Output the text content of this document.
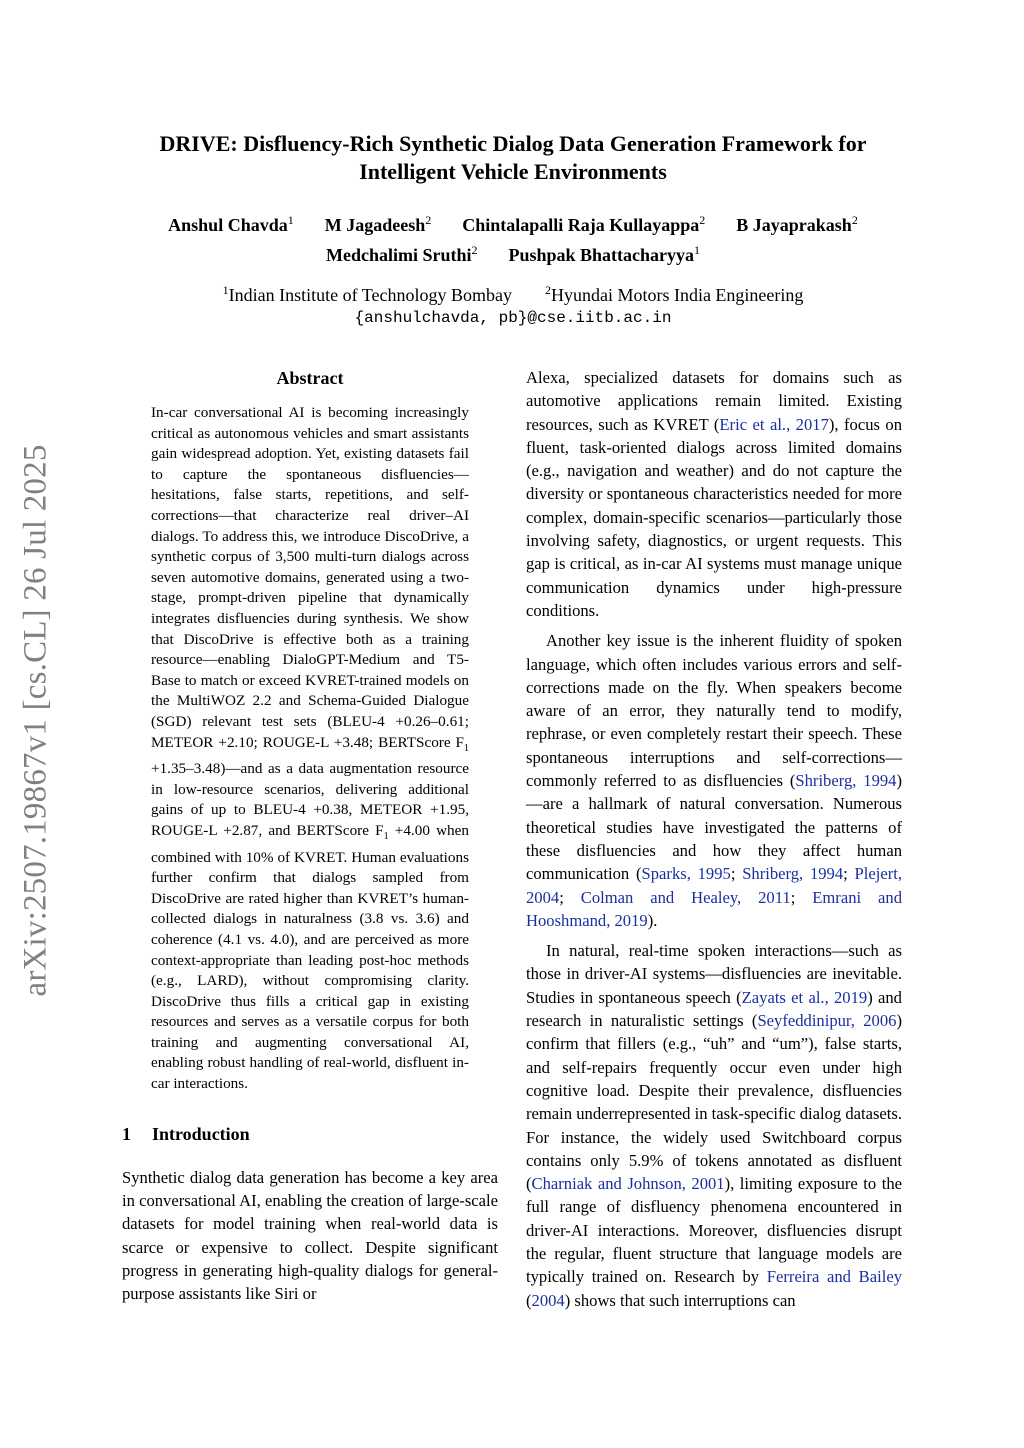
arXiv:2507.19867v1 [cs.CL] 26 Jul 2025
DRIVE: Disfluency-Rich Synthetic Dialog Data Generation Framework for
Intelligent Vehicle Environments
Anshul Chavda$^1$ M Jagadeesh$^2$ Chintalapalli Raja Kullayappa$^2$ B Jayaprakash$^2$
Medchalimi Sruthi$^2$ Pushpak Bhattacharyya$^1$
$^1$Indian Institute of Technology Bombay	$^2$Hyundai Motors India Engineering
{anshulchavda, pb}@cse.iitb.ac.in
Abstract

In-car conversational AI is becoming increasingly critical as autonomous vehicles and smart assistants gain widespread adoption. Yet, existing datasets fail to capture the spontaneous disfluencies—hesitations, false starts, repetitions, and self-corrections—that characterize real driver–AI dialogs. To address this, we introduce DiscoDrive, a synthetic corpus of 3,500 multi-turn dialogs across seven automotive domains, generated using a two-stage, prompt-driven pipeline that dynamically integrates disfluencies during synthesis. We show that DiscoDrive is effective both as a training resource—enabling DialoGPT-Medium and T5-Base to match or exceed KVRET-trained models on the MultiWOZ 2.2 and Schema-Guided Dialogue (SGD) relevant test sets (BLEU-4 +0.26–0.61; METEOR +2.10; ROUGE-L +3.48; BERTScore $F_1$ +1.35–3.48)—and as a data augmentation resource in low-resource scenarios, delivering additional gains of up to BLEU-4 +0.38, METEOR +1.95, ROUGE-L +2.87, and BERTScore $F_1 +4.00$ when combined with 10% of KVRET. Human evaluations further confirm that dialogs sampled from DiscoDrive are rated higher than KVRET’s human-collected dialogs in naturalness (3.8 vs. 3.6) and coherence (4.1 vs. 4.0), and are perceived as more context-appropriate than leading post-hoc methods (e.g., LARD), without compromising clarity. DiscoDrive thus fills a critical gap in existing resources and serves as a versatile corpus for both training and augmenting conversational AI, enabling robust handling of real-world, disfluent in-car interactions.

1 Introduction

Synthetic dialog data generation has become a key area in conversational AI, enabling the creation of large-scale datasets for model training when real-world data is scarce or expensive to collect. Despite significant progress in generating high-quality dialogs for general-purpose assistants like Siri or

Alexa, specialized datasets for domains such as automotive applications remain limited. Existing resources, such as KVRET (Eric et al., 2017), focus on fluent, task-oriented dialogs across limited domains (e.g., navigation and weather) and do not capture the diversity or spontaneous characteristics needed for more complex, domain-specific scenarios—particularly those involving safety, diagnostics, or urgent requests. This gap is critical, as in-car AI systems must manage unique communication dynamics under high-pressure conditions.

Another key issue is the inherent fluidity of spoken language, which often includes various errors and self-corrections made on the fly. When speakers become aware of an error, they naturally tend to modify, rephrase, or even completely restart their speech. These spontaneous interruptions and self-corrections—commonly referred to as disfluencies (Shriberg, 1994)—are a hallmark of natural conversation. Numerous theoretical studies have investigated the patterns of these disfluencies and how they affect human communication (Sparks, 1995; Shriberg, 1994; Plejert, 2004; Colman and Healey, 2011; Emrani and Hooshmand, 2019).

In natural, real-time spoken interactions—such as those in driver-AI systems—disfluencies are inevitable. Studies in spontaneous speech (Zayats et al., 2019) and research in naturalistic settings (Seyfeddinipur, 2006) confirm that fillers (e.g., “uh” and “um”), false starts, and self-repairs frequently occur even under high cognitive load. Despite their prevalence, disfluencies remain underrepresented in task-specific dialog datasets. For instance, the widely used Switchboard corpus contains only 5.9% of tokens annotated as disfluent (Charniak and Johnson, 2001), limiting exposure to the full range of disfluency phenomena encountered in driver-AI interactions. Moreover, disfluencies disrupt the regular, fluent structure that language models are typically trained on. Research by Ferreira and Bailey (2004) shows that such interruptions can
